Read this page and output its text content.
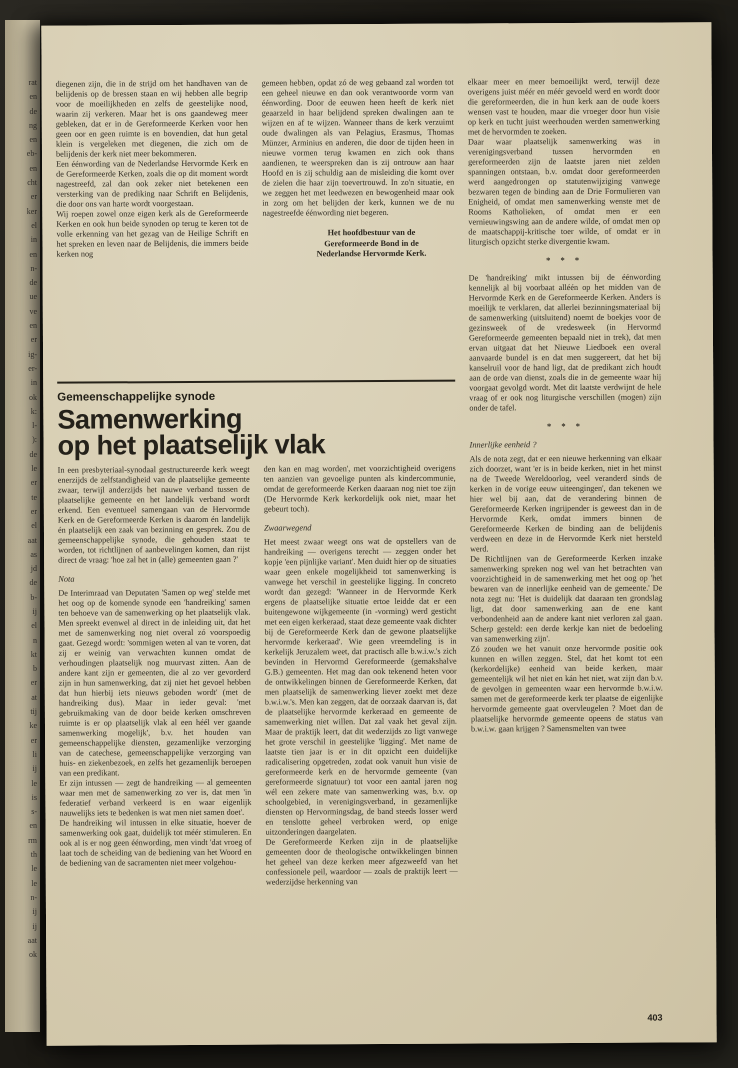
rat

en

de

ng

en

eb-

en

cht

er

ker

el

in

en

n-

de

ue

ve

en

er

ig-

er-

in

ok

k:

l-

):

de

le

er

te

er

el

aat

as

jd

de

b-

ij

el

n

kt

b

er

at

tij

ke

er

li

ij

le

is

s-

en

rm

th

le

le

n-

ij

ij

aat

ok

diegenen zijn, die in de strijd om het handhaven van de belijdenis op de bressen staan en wij hebben alle begrip voor de moeilijkheden en zelfs de geestelijke nood, waarin zij verkeren. Maar het is ons gaandeweg meer gebleken, dat er in de Gereformeerde Kerken voor hen geen oor en geen ruimte is en bovendien, dat hun getal klein is vergeleken met diegenen, die zich om de belijdenis der kerk niet meer bekommeren.

Een éénwording van de Nederlandse Hervormde Kerk en de Gereformeerde Kerken, zoals die op dit moment wordt nagestreefd, zal dan ook zeker niet betekenen een versterking van de prediking naar Schrift en Belijdenis, die door ons van harte wordt voorgestaan.

Wij roepen zowel onze eigen kerk als de Gereformeerde Kerken en ook hun beide synoden op terug te keren tot de volle erkenning van het gezag van de Heilige Schrift en het spreken en leven naar de Belijdenis, die immers beide kerken nog

gemeen hebben, opdat zó de weg gebaand zal worden tot een geheel nieuwe en dan ook verantwoorde vorm van éénwording. Door de eeuwen heen heeft de kerk niet geaarzeld in haar belijdend spreken dwalingen aan te wijzen en af te wijzen. Wanneer thans de kerk verzuimt oude dwalingen als van Pelagius, Erasmus, Thomas Münzer, Arminius en anderen, die door de tijden heen in nieuwe vormen terug kwamen en zich ook thans aandienen, te weerspreken dan is zij ontrouw aan haar Hoofd en is zij schuldig aan de misleiding die komt over de zielen die haar zijn toevertrouwd. In zo'n situatie, en we zeggen het met leedwezen en bewogenheid maar ook in zorg om het belijden der kerk, kunnen we de nu nagestreefde éénwording niet begeren.

Het hoofdbestuur van de

Gereformeerde Bond in de

Nederlandse Hervormde Kerk.

elkaar meer en meer bemoeilijkt werd, terwijl deze overigens juist méér en méér gevoeld werd en wordt door die gereformeerden, die in hun kerk aan de oude koers wensen vast te houden, maar die vroeger door hun visie op kerk en tucht juist weerhouden werden samenwerking met de hervormden te zoeken.

Daar waar plaatselijk samenwerking was in verenigingsverband tussen hervormden en gereformeerden zijn de laatste jaren niet zelden spanningen ontstaan, b.v. omdat door gereformeerden werd aangedrongen op statutenwijziging vanwege bezwaren tegen de binding aan de Drie Formulieren van Enigheid, of omdat men samenwerking wenste met de Rooms Katholieken, of omdat men er een vernieuwingswing aan de andere wilde, of omdat men op de maatschappij-kritische toer wilde, of omdat er in liturgisch opzicht sterke divergentie kwam.

* * *

De 'handreiking' mikt intussen bij de éénwording kennelijk al bij voorbaat alléén op het midden van de Hervormde Kerk en de Gereformeerde Kerken. Anders is moeilijk te verklaren, dat allerlei bezinningsmateriaal bij de samenwerking (uitsluitend) noemt de boekjes voor de gezinsweek of de vredesweek (in Hervormd Gereformeerde gemeenten bepaald niet in trek), dat men ervan uitgaat dat het Nieuwe Liedboek een overal aanvaarde bundel is en dat men suggereert, dat het bij kanselruil voor de hand ligt, dat de predikant zich houdt aan de orde van dienst, zoals die in de gemeente waar hij voorgaat gevolgd wordt. Met dit laatste verdwijnt de hele vraag of er ook nog liturgische verschillen (mogen) zijn onder de tafel.

* * *

Innerlijke eenheid ?

Als de nota zegt, dat er een nieuwe herkenning van elkaar zich doorzet, want 'er is in beide kerken, niet in het minst na de Tweede Wereldoorlog, veel veranderd sinds de kerken in de vorige eeuw uiteengingen', dan tekenen we hier wel bij aan, dat de verandering binnen de Gereformeerde Kerken ingrijpender is geweest dan in de Hervormde Kerk, omdat immers binnen de Gereformeerde Kerken de binding aan de belijdenis verdween en deze in de Hervormde Kerk niet hersteld werd.

De Richtlijnen van de Gereformeerde Kerken inzake samenwerking spreken nog wel van het betrachten van voorzichtigheid in de samenwerking met het oog op 'het bewaren van de innerlijke eenheid van de gemeente.' De nota zegt nu: 'Het is duidelijk dat daaraan ten grondslag ligt, dat door samenwerking aan de ene kant verbondenheid aan de andere kant niet verloren zal gaan. Scherp gesteld: een derde kerkje kan niet de bedoeling van samenwerking zijn'.

Zó zouden we het vanuit onze hervormde positie ook kunnen en willen zeggen. Stel, dat het komt tot een (kerkordelijke) eenheid van beide kerken, maar gemeentelijk wil het niet en kán het niet, wat zijn dan b.v. de gevolgen in gemeenten waar een hervormde b.w.i.w. samen met de gereformeerde kerk ter plaatse de eigenlijke hervormde gemeente gaat overvleugelen ? Moet dan de plaatselijke hervormde gemeente opeens de status van b.w.i.w. gaan krijgen ? Samensmelten van twee

Gemeenschappelijke synode

Samenwerking

op het plaatselijk vlak

In een presbyteriaal-synodaal gestructureerde kerk weegt enerzijds de zelfstandigheid van de plaatselijke gemeente zwaar, terwijl anderzijds het nauwe verband tussen de plaatselijke gemeente en het landelijk verband wordt erkend. Een eventueel samengaan van de Hervormde Kerk en de Gereformeerde Kerken is daarom én landelijk én plaatselijk een zaak van bezinning en gesprek. Zou de gemeenschappelijke synode, die gehouden staat te worden, tot richtlijnen of aanbevelingen komen, dan rijst direct de vraag: 'hoe zal het in (alle) gemeenten gaan ?'

Nota

De Interimraad van Deputaten 'Samen op weg' stelde met het oog op de komende synode een 'handreiking' samen ten behoeve van de samenwerking op het plaatselijk vlak. Men spreekt evenwel al direct in de inleiding uit, dat het met de samenwerking nog niet overal zó voorspoedig gaat. Gezegd wordt: 'sommigen weten al van te voren, dat zij er weinig van verwachten kunnen omdat de verhoudingen plaatselijk nog muurvast zitten. Aan de andere kant zijn er gemeenten, die al zo ver gevorderd zijn in hun samenwerking, dat zij niet het gevoel hebben dat hun hierbij iets nieuws geboden wordt' (met de handreiking dus). Maar in ieder geval: 'met gebruikmaking van de door beide kerken omschreven ruimte is er op plaatselijk vlak al een héél ver gaande samenwerking mogelijk', b.v. het houden van gemeenschappelijke diensten, gezamenlijke verzorging van de catechese, gemeenschappelijke verzorging van huis- en ziekenbezoek, en zelfs het gezamenlijk beroepen van een predikant.

Er zijn intussen — zegt de handreiking — al gemeenten waar men met de samenwerking zo ver is, dat men 'in federatief verband verkeerd is en waar eigenlijk nauwelijks iets te bedenken is wat men niet samen doet'.

De handreiking wil intussen in elke situatie, hoever de samenwerking ook gaat, duidelijk tot méér stimuleren. En ook al is er nog geen éénwording, men vindt 'dat vroeg of laat toch de scheiding van de bediening van het Woord en de bediening van de sacramenten niet meer volgehou-

den kan en mag worden', met voorzichtigheid overigens ten aanzien van gevoelige punten als kindercommunie, omdat de gereformeerde Kerken daaraan nog niet toe zijn (De Hervormde Kerk kerkordelijk ook niet, maar het gebeurt toch).

Zwaarwegend

Het meest zwaar weegt ons wat de opstellers van de handreiking — overigens terecht — zeggen onder het kopje 'een pijnlijke variant'. Men duidt hier op de situaties waar geen enkele mogelijkheid tot samenwerking is vanwege het verschil in geestelijke ligging. In concreto wordt dan gezegd: 'Wanneer in de Hervormde Kerk ergens de plaatselijke situatie ertoe leidde dat er een buitengewone wijkgemeente (in -vorming) werd gesticht met een eigen kerkeraad, staat deze gemeente vaak dichter bij de Gereformeerde Kerk dan de gewone plaatselijke hervormde kerkeraad'. Wie geen vreemdeling is in kerkelijk Jeruzalem weet, dat practisch alle b.w.i.w.'s zich bevinden in Hervormd Gereformeerde (gemakshalve G.B.) gemeenten. Het mag dan ook tekenend heten voor de ontwikkelingen binnen de Gereformeerde Kerken, dat men plaatselijk de samenwerking liever zoekt met deze b.w.i.w.'s. Men kan zeggen, dat de oorzaak daarvan is, dat de plaatselijke hervormde kerkeraad en gemeente de samenwerking niet willen. Dat zal vaak het geval zijn. Maar de praktijk leert, dat dit wederzijds zo ligt vanwege het grote verschil in geestelijke 'ligging'. Met name de laatste tien jaar is er in dit opzicht een duidelijke radicalisering opgetreden, zodat ook vanuit hun visie de gereformeerde kerk en de hervormde gemeente (van gereformeerde signatuur) tot voor een aantal jaren nog wél een zekere mate van samenwerking was, b.v. op schoolgebied, in verenigingsverband, in gezamenlijke diensten op Hervormingsdag, de band steeds losser werd en tenslotte geheel verbroken werd, op enige uitzonderingen daargelaten.

De Gereformeerde Kerken zijn in de plaatselijke gemeenten door de theologische ontwikkelingen binnen het geheel van deze kerken meer afgezweefd van het confessionele peil, waardoor — zoals de praktijk leert — wederzijdse herkenning van

403
